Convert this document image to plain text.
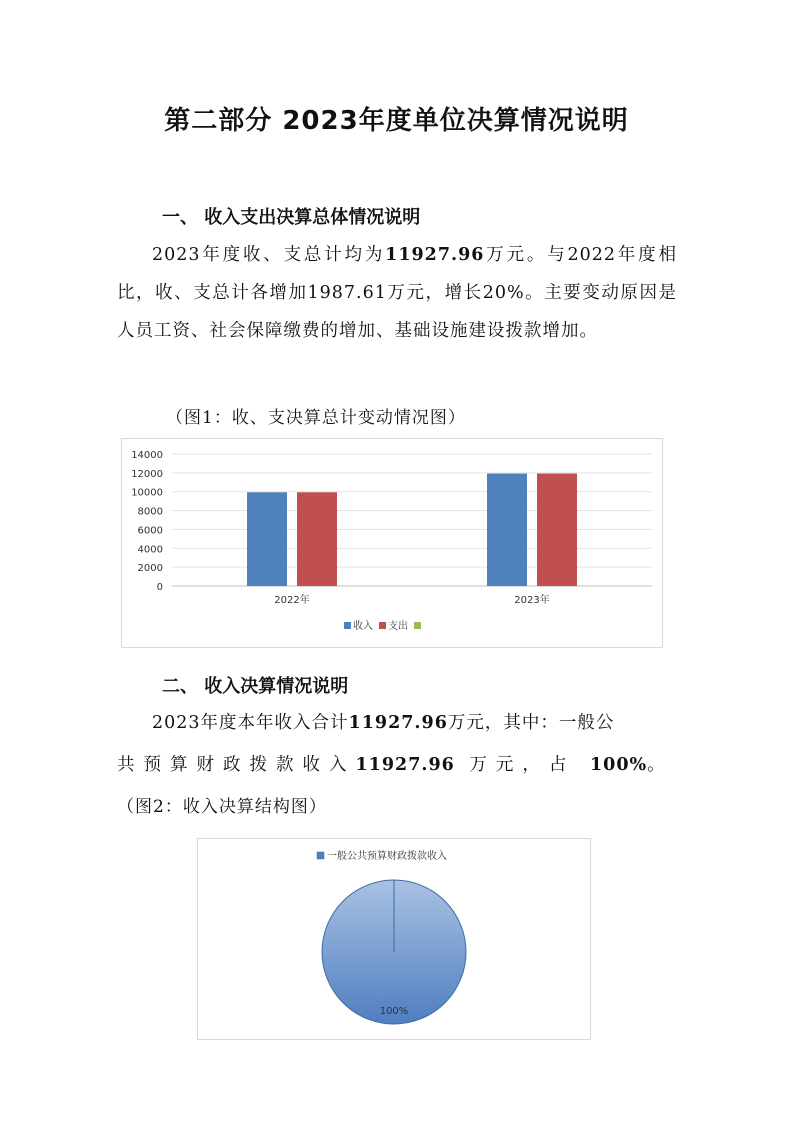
第二部分 2023年度单位决算情况说明
一、 收入支出决算总体情况说明

2023年度收、支总计均为11927.96万元。与2022年度相比，收、支总计各增加1987.61万元，增长20%。主要变动原因是人员工资、社会保障缴费的增加、基础设施建设拨款增加。

（图1：收、支决算总计变动情况图）
0
2000
4000
6000
8000
10000
12000
14000
2022年	2023年
收入 支出
二、 收入决算情况说明

2023年度本年收入合计11927.96万元，其中：一般公

共预算财政拨款收入11927.96 万元，占 100%。

（图2：收入决算结构图）
100%
一般公共预算财政拨款收入
